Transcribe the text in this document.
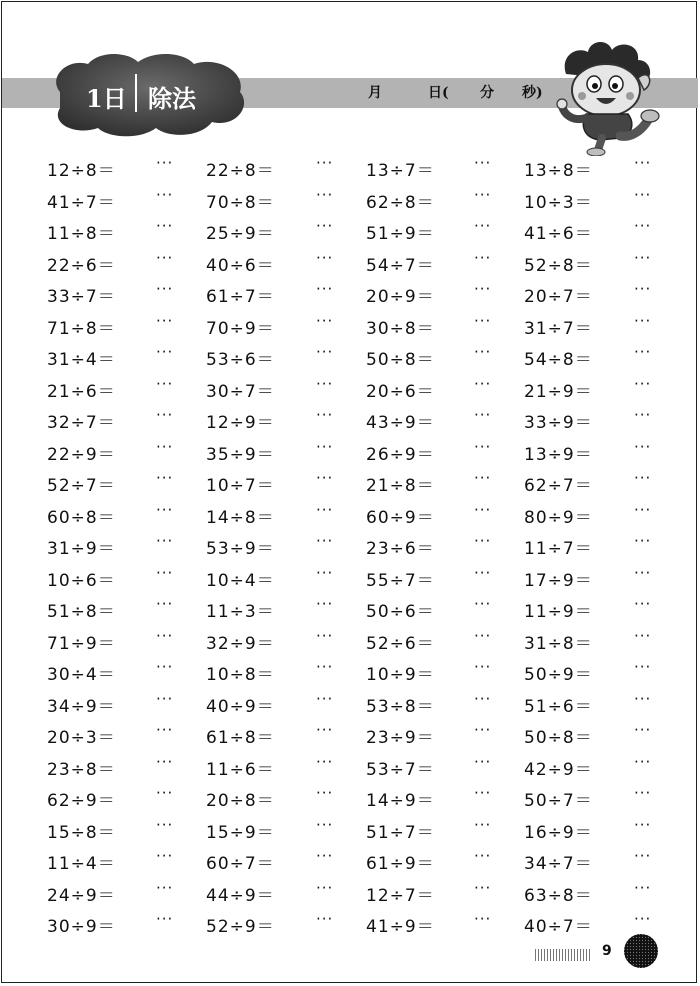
1日 除法	月	日( 分 秒)
12÷8＝	··· 22÷8＝	··· 13÷7＝	··· 13÷8＝	···
41÷7＝	··· 70÷8＝	··· 62÷8＝	··· 10÷3＝	···
11÷8＝	··· 25÷9＝	··· 51÷9＝	··· 41÷6＝	···
22÷6＝	··· 40÷6＝	··· 54÷7＝	··· 52÷8＝	···
33÷7＝	··· 61÷7＝	··· 20÷9＝	··· 20÷7＝	···
71÷8＝	··· 70÷9＝	··· 30÷8＝	··· 31÷7＝	···
31÷4＝	··· 53÷6＝	··· 50÷8＝	··· 54÷8＝	···
21÷6＝	··· 30÷7＝	··· 20÷6＝	··· 21÷9＝	···
32÷7＝	··· 12÷9＝	··· 43÷9＝	··· 33÷9＝	···
22÷9＝	··· 35÷9＝	··· 26÷9＝	··· 13÷9＝	···
52÷7＝	··· 10÷7＝	··· 21÷8＝	··· 62÷7＝	···
60÷8＝	··· 14÷8＝	··· 60÷9＝	··· 80÷9＝	···
31÷9＝	··· 53÷9＝	··· 23÷6＝	··· 11÷7＝	···
10÷6＝	··· 10÷4＝	··· 55÷7＝	··· 17÷9＝	···
51÷8＝	··· 11÷3＝	··· 50÷6＝	··· 11÷9＝	···
71÷9＝	··· 32÷9＝	··· 52÷6＝	··· 31÷8＝	···
30÷4＝	··· 10÷8＝	··· 10÷9＝	··· 50÷9＝	···
34÷9＝	··· 40÷9＝	··· 53÷8＝	··· 51÷6＝	···
20÷3＝	··· 61÷8＝	··· 23÷9＝	··· 50÷8＝	···
23÷8＝	··· 11÷6＝	··· 53÷7＝	··· 42÷9＝	···
62÷9＝	··· 20÷8＝	··· 14÷9＝	··· 50÷7＝	···
15÷8＝	··· 15÷9＝	··· 51÷7＝	··· 16÷9＝	···
11÷4＝	··· 60÷7＝	··· 61÷9＝	··· 34÷7＝	···
24÷9＝	··· 44÷9＝	··· 12÷7＝	··· 63÷8＝	···
30÷9＝	··· 52÷9＝	··· 41÷9＝	··· 40÷7＝	···
9
